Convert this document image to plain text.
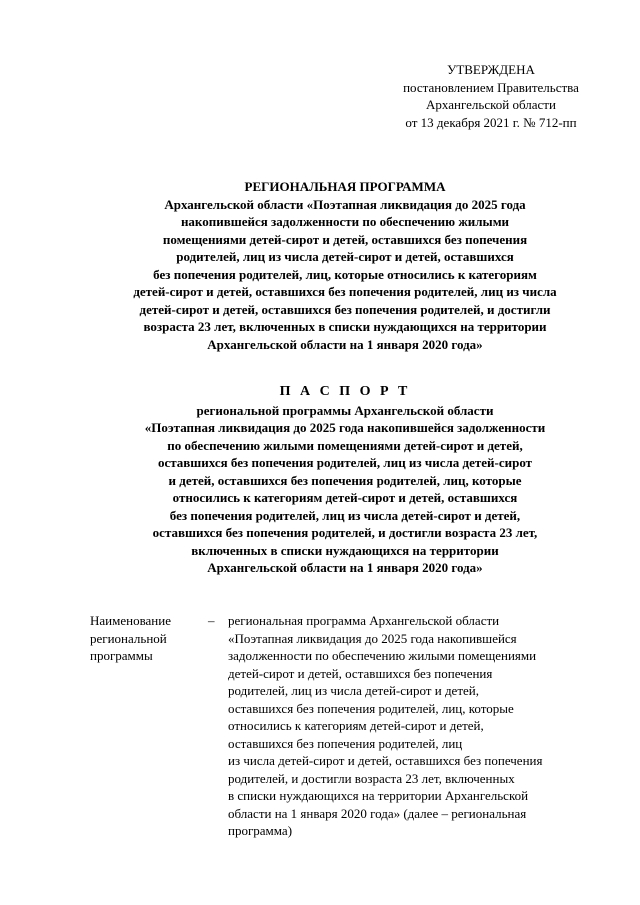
УТВЕРЖДЕНА
постановлением Правительства
Архангельской области
от 13 декабря 2021 г. № 712-пп
РЕГИОНАЛЬНАЯ ПРОГРАММА
Архангельской области «Поэтапная ликвидация до 2025 года
накопившейся задолженности по обеспечению жилыми
помещениями детей-сирот и детей, оставшихся без попечения
родителей, лиц из числа детей-сирот и детей, оставшихся
без попечения родителей, лиц, которые относились к категориям
детей-сирот и детей, оставшихся без попечения родителей, лиц из числа
детей-сирот и детей, оставшихся без попечения родителей, и достигли
возраста 23 лет, включенных в списки нуждающихся на территории
Архангельской области на 1 января 2020 года»
П А С П О Р Т
региональной программы Архангельской области
«Поэтапная ликвидация до 2025 года накопившейся задолженности
по обеспечению жилыми помещениями детей-сирот и детей,
оставшихся без попечения родителей, лиц из числа детей-сирот
и детей, оставшихся без попечения родителей, лиц, которые
относились к категориям детей-сирот и детей, оставшихся
без попечения родителей, лиц из числа детей-сирот и детей,
оставшихся без попечения родителей, и достигли возраста 23 лет,
включенных в списки нуждающихся на территории
Архангельской области на 1 января 2020 года»
Наименование
региональной
программы
– региональная программа Архангельской области
«Поэтапная ликвидация до 2025 года накопившейся
задолженности по обеспечению жилыми помещениями
детей-сирот и детей, оставшихся без попечения
родителей, лиц из числа детей-сирот и детей,
оставшихся без попечения родителей, лиц, которые
относились к категориям детей-сирот и детей,
оставшихся без попечения родителей, лиц
из числа детей-сирот и детей, оставшихся без попечения
родителей, и достигли возраста 23 лет, включенных
в списки нуждающихся на территории Архангельской
области на 1 января 2020 года» (далее – региональная
программа)
